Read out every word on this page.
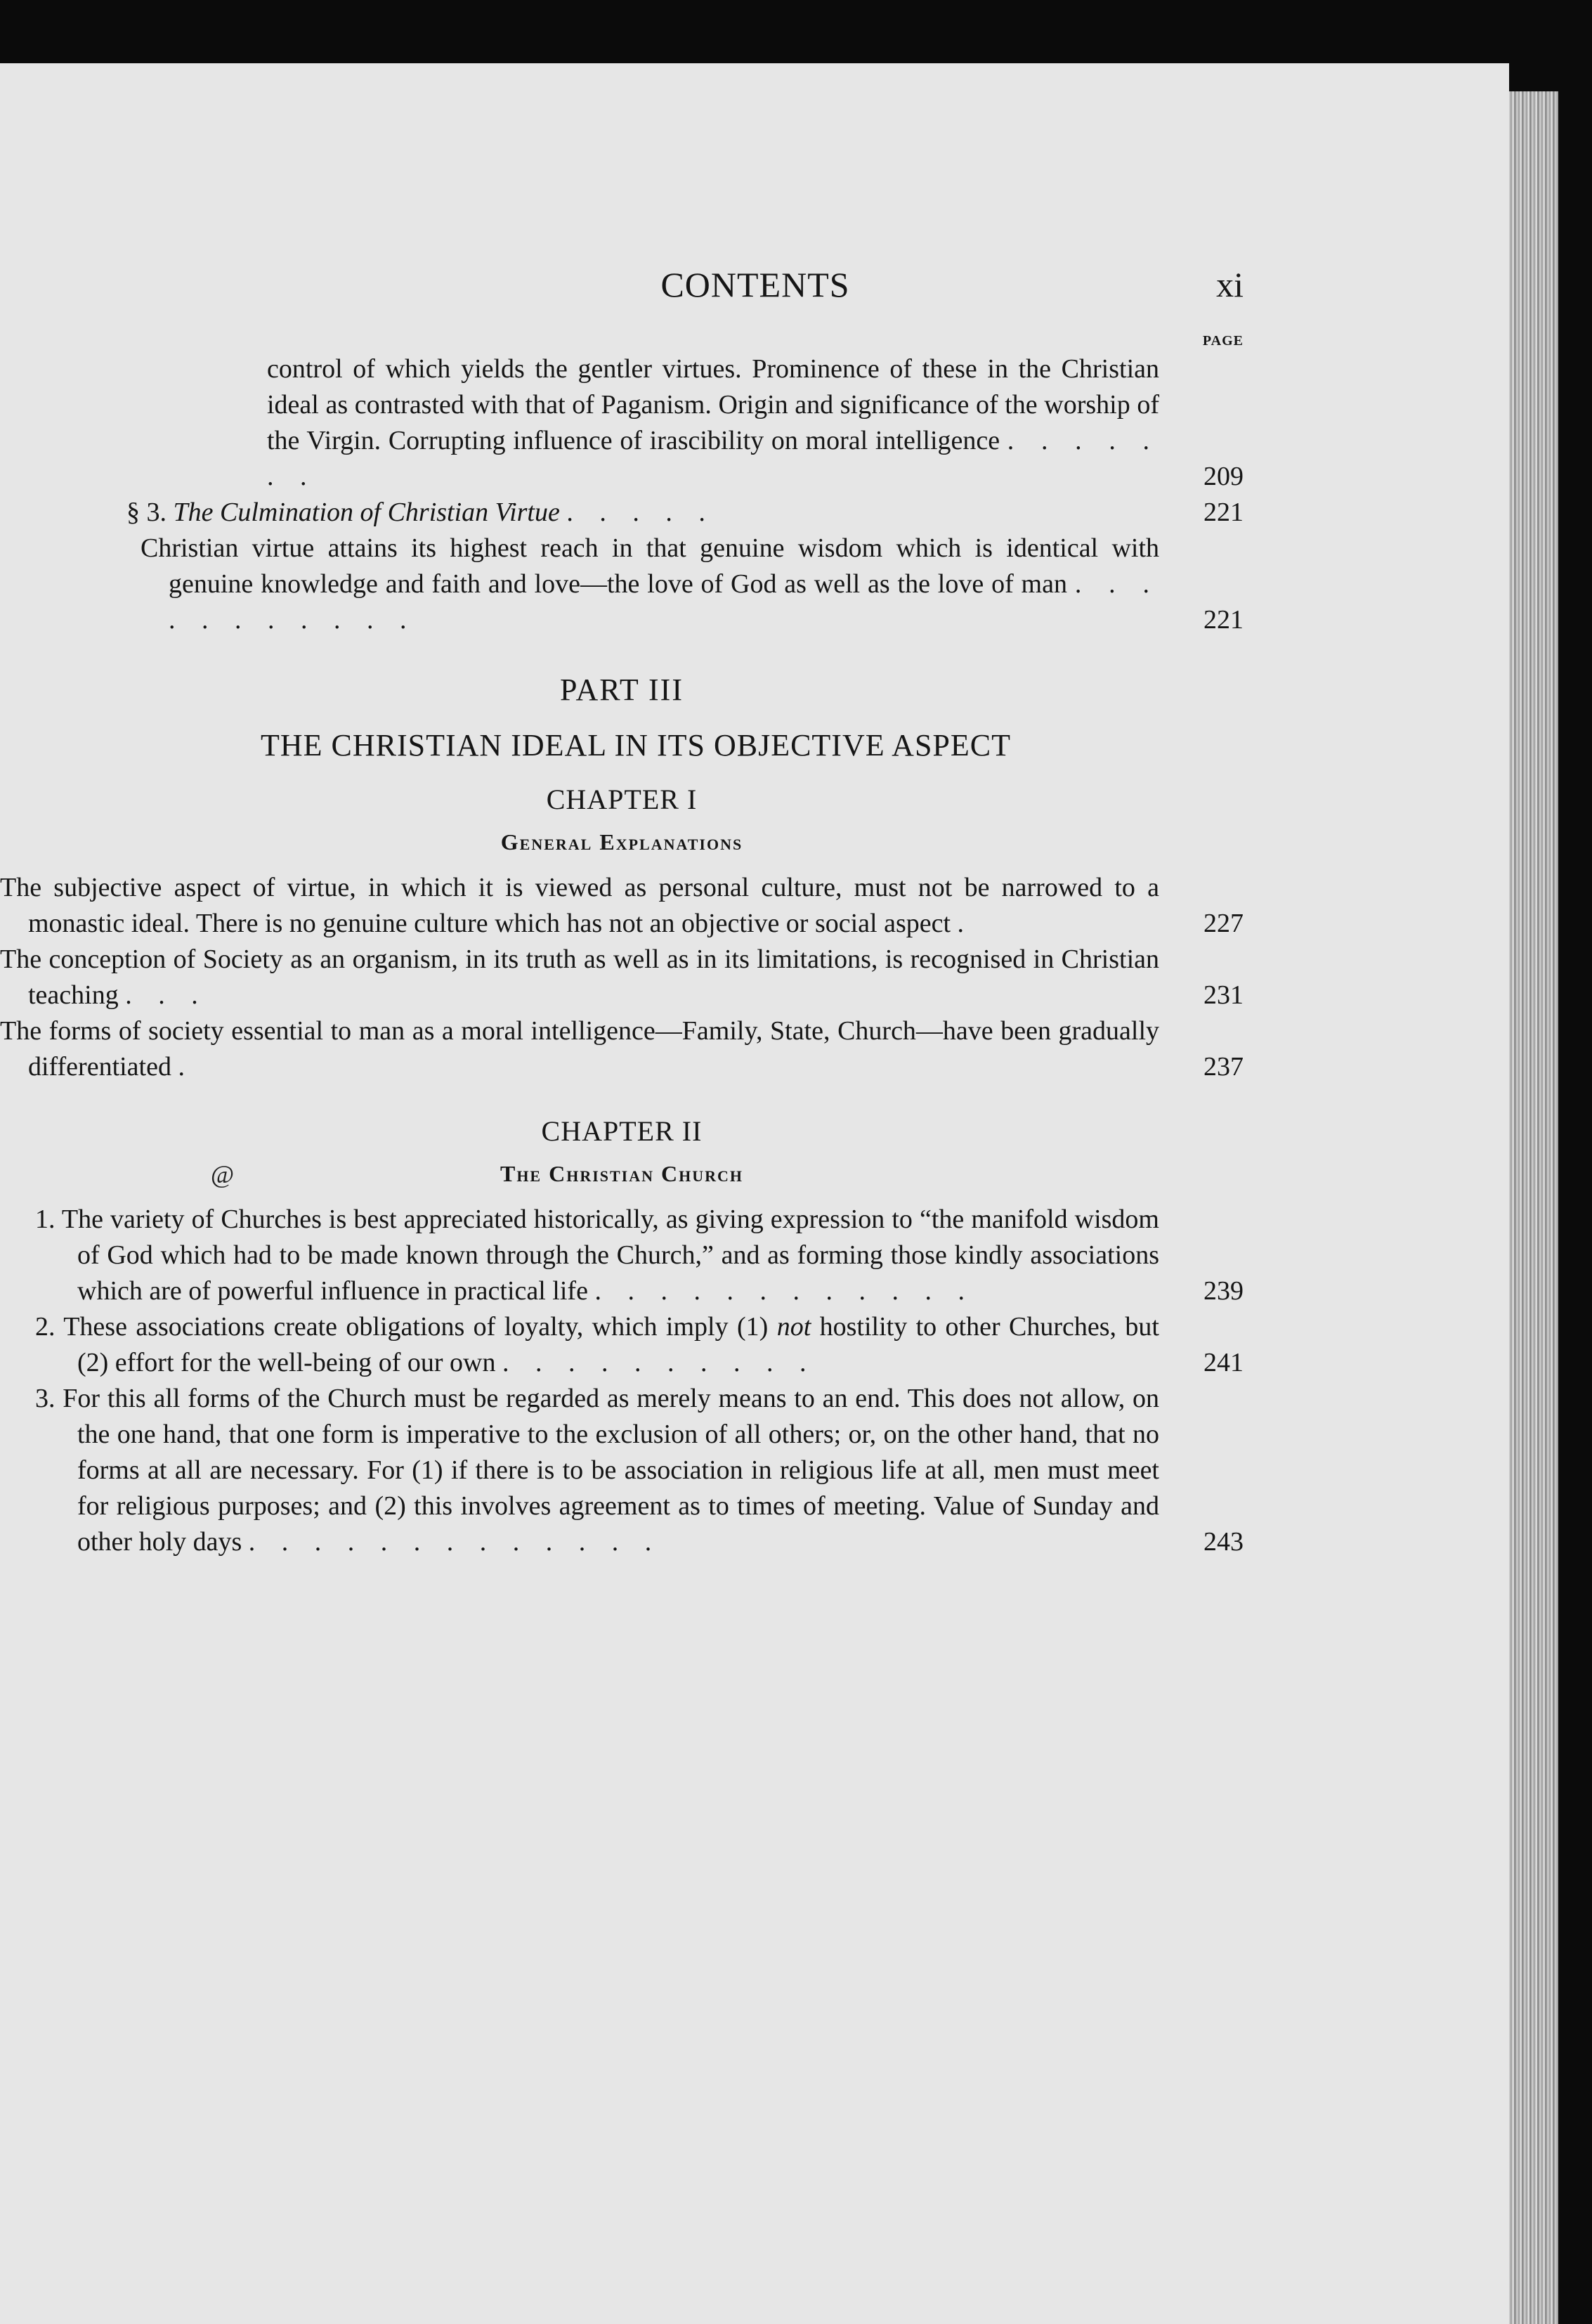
@
CONTENTS	xi
PAGE
control of which yields the gentler virtues. Prominence of these in the Christian ideal as contrasted with that of Paganism. Origin and significance of the worship of the Virgin. Corrupting influence of irascibility on moral intelligence . . . . . . .	209
§ 3. The Culmination of Christian Virtue . . . . .	221
Christian virtue attains its highest reach in that genuine wisdom which is identical with genuine knowledge and faith and love—the love of God as well as the love of man . . . . . . . . . . .	221
PART III
THE CHRISTIAN IDEAL IN ITS OBJECTIVE ASPECT
CHAPTER I
General Explanations
The subjective aspect of virtue, in which it is viewed as personal culture, must not be narrowed to a monastic ideal. There is no genuine culture which has not an objective or social aspect .	227
The conception of Society as an organism, in its truth as well as in its limitations, is recognised in Christian teaching . . .	231
The forms of society essential to man as a moral intelligence—Family, State, Church—have been gradually differentiated .	237
CHAPTER II
The Christian Church
1. The variety of Churches is best appreciated historically, as giving expression to “the manifold wisdom of God which had to be made known through the Church,” and as forming those kindly associations which are of powerful influence in practical life . . . . . . . . . . . .	239
2. These associations create obligations of loyalty, which imply (1) not hostility to other Churches, but (2) effort for the well-being of our own . . . . . . . . . .	241
3. For this all forms of the Church must be regarded as merely means to an end. This does not allow, on the one hand, that one form is imperative to the exclusion of all others; or, on the other hand, that no forms at all are necessary. For (1) if there is to be association in religious life at all, men must meet for religious purposes; and (2) this involves agreement as to times of meeting. Value of Sunday and other holy days . . . . . . . . . . . . .	243
